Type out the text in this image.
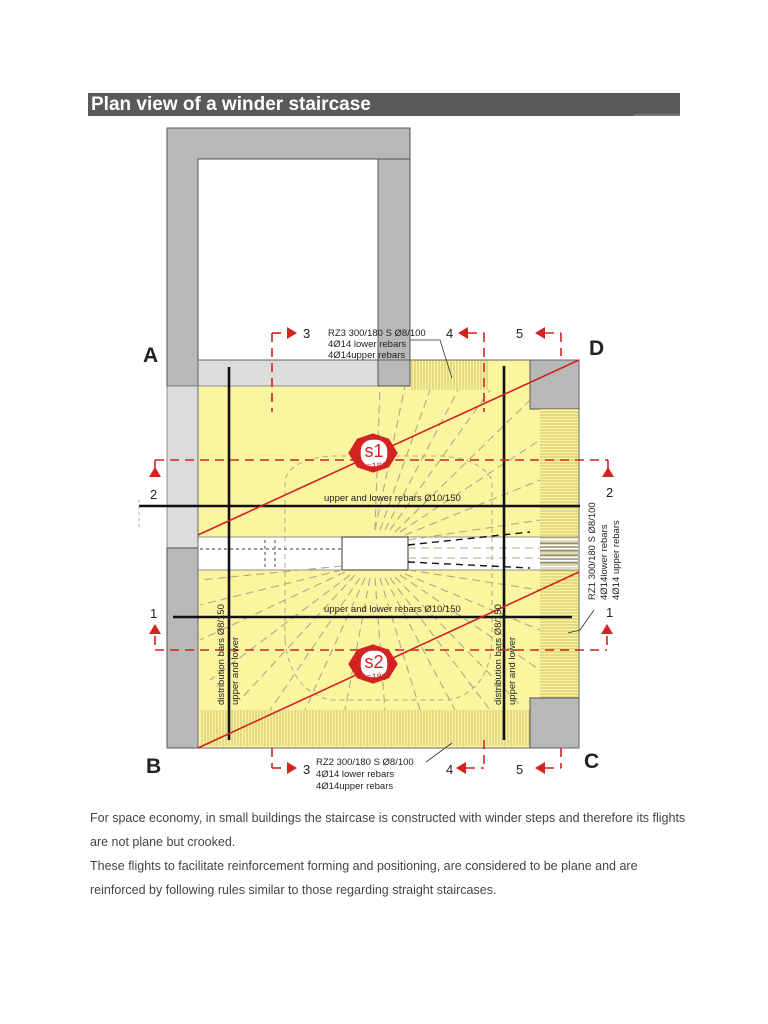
Plan view of a winder staircase
3	4	5
2	2
1	1
3	4	5
A
B	C
D
s1
h=180
s2
h=180
upper and lower rebars Ø10/150
upper and lower rebars Ø10/150
distribution bars Ø8/150 upper and lower	distribution bars Ø8/150 upper and lower
RZ3 300/180 S Ø8/100
4Ø14 lower rebars
4Ø14upper rebars
RZ2 300/180 S Ø8/100
4Ø14 lower rebars
4Ø14upper rebars
RZ1 300/180 S Ø8/100 4Ø14lower rebars 4Ø14 upper rebars
For space economy, in small buildings the staircase is constructed with winder steps and therefore its flights are not plane but crooked.
These flights to facilitate reinforcement forming and positioning, are considered to be plane and are reinforced by following rules similar to those regarding straight staircases.
